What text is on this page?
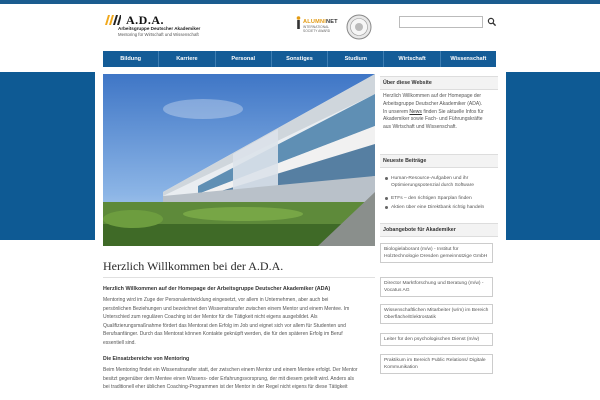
A.D.A.
Arbeitsgruppe Deutscher Akademiker
Mentoring für Wirtschaft und Wissenschaft
ALUMNINET
INTERNATIONAL
SOCIETY AWARD
Bildung	Karriere	Personal	Sonstiges	Studium	Wirtschaft	Wissenschaft
Herzlich Willkommen bei der A.D.A.
Herzlich Willkommen auf der Homepage der Arbeitsgruppe Deutscher Akademiker (ADA)
Mentoring wird im Zuge der Personalentwicklung eingesetzt, vor allem in Unternehmen, aber auch bei
persönlichen Beziehungen und bezeichnet den Wissenstransfer zwischen einem Mentor und einem Mentee. Im
Unterschied zum regulären Coaching ist der Mentor für die Tätigkeit nicht eigens ausgebildet. Als
Qualifizierungsmaßnahme fördert das Mentorat den Erfolg im Job und eignet sich vor allem für Studenten und
Berufsanfänger. Durch das Mentorat können Kontakte geknüpft werden, die für den späteren Erfolg im Beruf
essentiell sind.
Die Einsatzbereiche von Mentoring
Beim Mentoring findet ein Wissenstransfer statt, der zwischen einem Mentor und einem Mentee erfolgt. Der Mentor
besitzt gegenüber dem Mentee einen Wissens- oder Erfahrungsvorsprung, der mit diesem geteilt wird. Anders als
bei traditionell eher üblichen Coaching-Programmen ist der Mentor in der Regel nicht eigens für diese Tätigkeit
Über diese Website
Herzlich Willkommen auf der Homepage der
Arbeitsgruppe Deutscher Akademiker (ADA).
In unserem News finden Sie aktuelle Infos für
Akademiker sowie Fach- und Führungskräfte
aus Wirtschaft und Wissenschaft.
Neueste Beiträge
Human-Resource-Aufgaben und ihr Optimierungspotenzial durch Software
ETFs – den richtigen Sparplan finden
Aktien über eine Direktbank richtig handeln
Jobangebote für Akademiker
Biologielaborant (m/w) - Institut für Holztechnologie Dresden gemeinnützige GmbH
Director Marktforschung und Beratung (m/w) - Vocatus AG
Wissenschaftlichen Mitarbeiter (w/m) im Bereich Oberfläche/Elektrostatik
Leiter für den psychologischen Dienst (m/w)
Praktikum im Bereich Public Relations/ Digitale Kommunikation
